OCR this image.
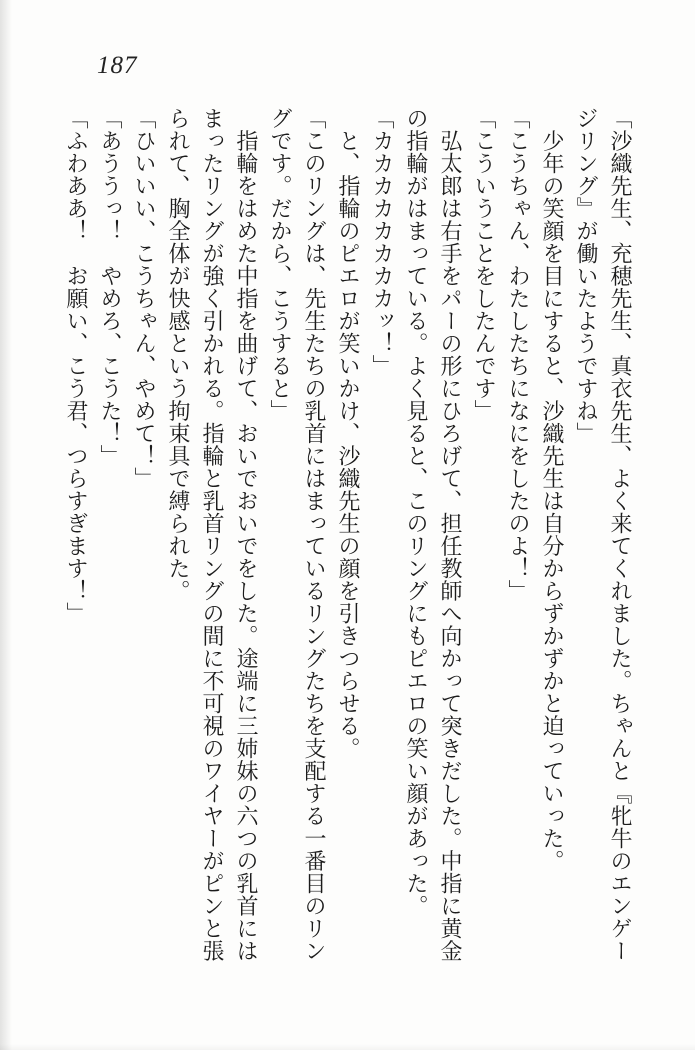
187

「沙織先生、充穂先生、真衣先生、よく来てくれました。ちゃんと『牝牛のエンゲージリング』が働いたようですね」

　少年の笑顔を目にすると、沙織先生は自分からずかずかと迫っていった。

「こうちゃん、わたしたちになにをしたのよ！」

「こういうことをしたんです」

　弘太郎は右手をパーの形にひろげて、担任教師へ向かって突きだした。中指に黄金の指輪がはまっている。よく見ると、このリングにもピエロの笑い顔があった。

「カカカカカカカカッ！」

　と、指輪のピエロが笑いかけ、沙織先生の顔を引きつらせる。

「このリングは、先生たちの乳首にはまっているリングたちを支配する一番目のリングです。だから、こうすると」

　指輪をはめた中指を曲げて、おいでおいでをした。途端に三姉妹の六つの乳首にはまったリングが強く引かれる。指輪と乳首リングの間に不可視のワイヤーがピンと張られて、胸全体が快感という拘束具で縛られた。

「ひいいい、こうちゃん、やめて！」

「あううっ！　やめろ、こうた！」

「ふわああ！　お願い、こう君、つらすぎます！」
